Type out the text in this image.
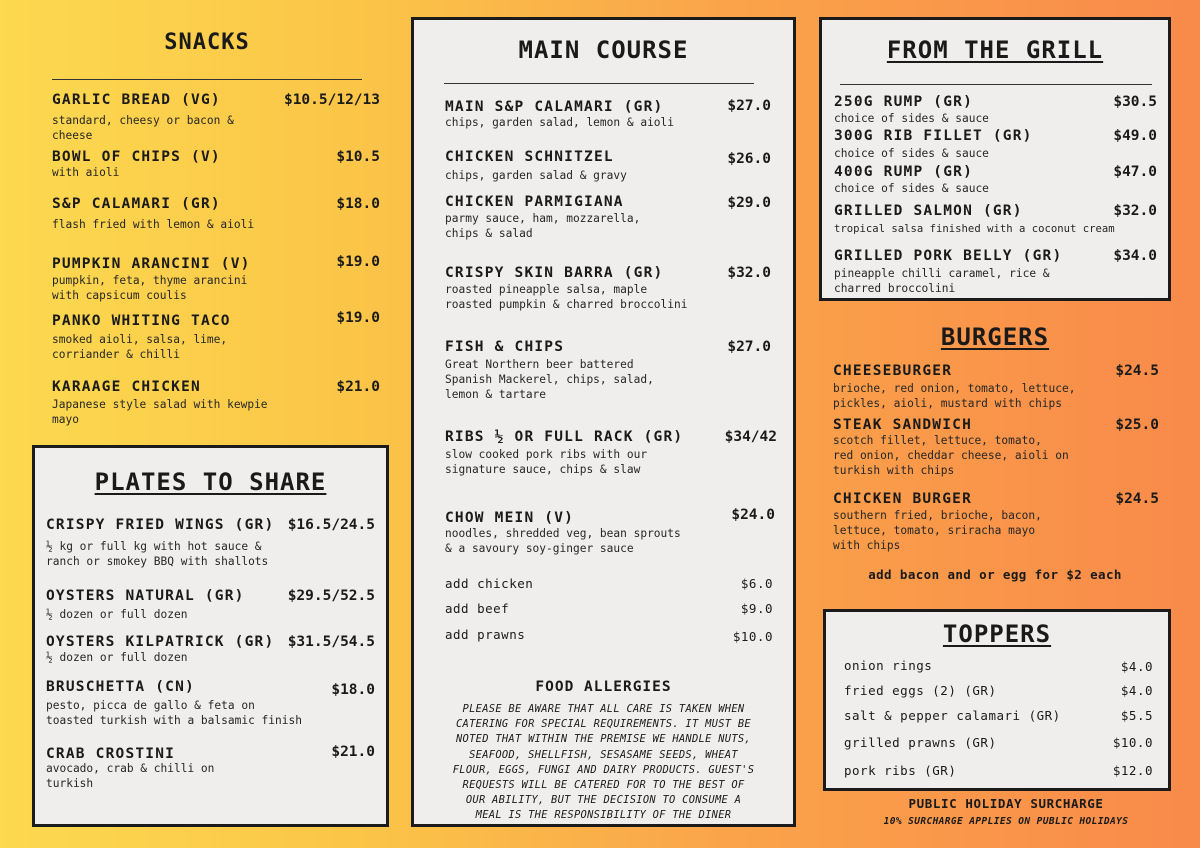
SNACKS
GARLIC BREAD (VG)	$10.5/12/13
standard, cheesy or bacon &
cheese
BOWL OF CHIPS (V)	$10.5
with aioli
S&P CALAMARI (GR)	$18.0
flash fried with lemon & aioli
PUMPKIN ARANCINI (V)	$19.0
pumpkin, feta, thyme arancini
with capsicum coulis
PANKO WHITING TACO	$19.0
smoked aioli, salsa, lime,
corriander & chilli
KARAAGE CHICKEN	$21.0
Japanese style salad with kewpie
mayo
PLATES TO SHARE
CRISPY FRIED WINGS (GR) $16.5/24.5
½ kg or full kg with hot sauce &
ranch or smokey BBQ with shallots
OYSTERS NATURAL (GR)	$29.5/52.5
½ dozen or full dozen
OYSTERS KILPATRICK (GR) $31.5/54.5
½ dozen or full dozen
BRUSCHETTA (CN)	$18.0
pesto, picca de gallo & feta on
toasted turkish with a balsamic finish
CRAB CROSTINI	$21.0
avocado, crab & chilli on
turkish
MAIN COURSE
MAIN S&P CALAMARI (GR)	$27.0
chips, garden salad, lemon & aioli
CHICKEN SCHNITZEL	$26.0
chips, garden salad & gravy
CHICKEN PARMIGIANA	$29.0
parmy sauce, ham, mozzarella,
chips & salad
CRISPY SKIN BARRA (GR)	$32.0
roasted pineapple salsa, maple
roasted pumpkin & charred broccolini
FISH & CHIPS	$27.0
Great Northern beer battered
Spanish Mackerel, chips, salad,
lemon & tartare
RIBS ½ OR FULL RACK (GR)	$34/42
slow cooked pork ribs with our
signature sauce, chips & slaw
CHOW MEIN (V)	$24.0
noodles, shredded veg, bean sprouts
& a savoury soy-ginger sauce
add chicken	$6.0
add beef	$9.0
add prawns	$10.0
FOOD ALLERGIES
PLEASE BE AWARE THAT ALL CARE IS TAKEN WHEN
CATERING FOR SPECIAL REQUIREMENTS. IT MUST BE
NOTED THAT WITHIN THE PREMISE WE HANDLE NUTS,
SEAFOOD, SHELLFISH, SESASAME SEEDS, WHEAT
FLOUR, EGGS, FUNGI AND DAIRY PRODUCTS. GUEST'S
REQUESTS WILL BE CATERED FOR TO THE BEST OF
OUR ABILITY, BUT THE DECISION TO CONSUME A
MEAL IS THE RESPONSIBILITY OF THE DINER
FROM THE GRILL
250G RUMP (GR)	$30.5
choice of sides & sauce
300G RIB FILLET (GR)	$49.0
choice of sides & sauce
400G RUMP (GR)	$47.0
choice of sides & sauce
GRILLED SALMON (GR)	$32.0
tropical salsa finished with a coconut cream
GRILLED PORK BELLY (GR)	$34.0
pineapple chilli caramel, rice &
charred broccolini
BURGERS
CHEESEBURGER	$24.5
brioche, red onion, tomato, lettuce,
pickles, aioli, mustard with chips
STEAK SANDWICH	$25.0
scotch fillet, lettuce, tomato,
red onion, cheddar cheese, aioli on
turkish with chips
CHICKEN BURGER	$24.5
southern fried, brioche, bacon,
lettuce, tomato, sriracha mayo
with chips
add bacon and or egg for $2 each
TOPPERS
onion rings	$4.0
fried eggs (2) (GR)	$4.0
salt & pepper calamari (GR)	$5.5
grilled prawns (GR)	$10.0
pork ribs (GR)	$12.0
PUBLIC HOLIDAY SURCHARGE
10% SURCHARGE APPLIES ON PUBLIC HOLIDAYS
